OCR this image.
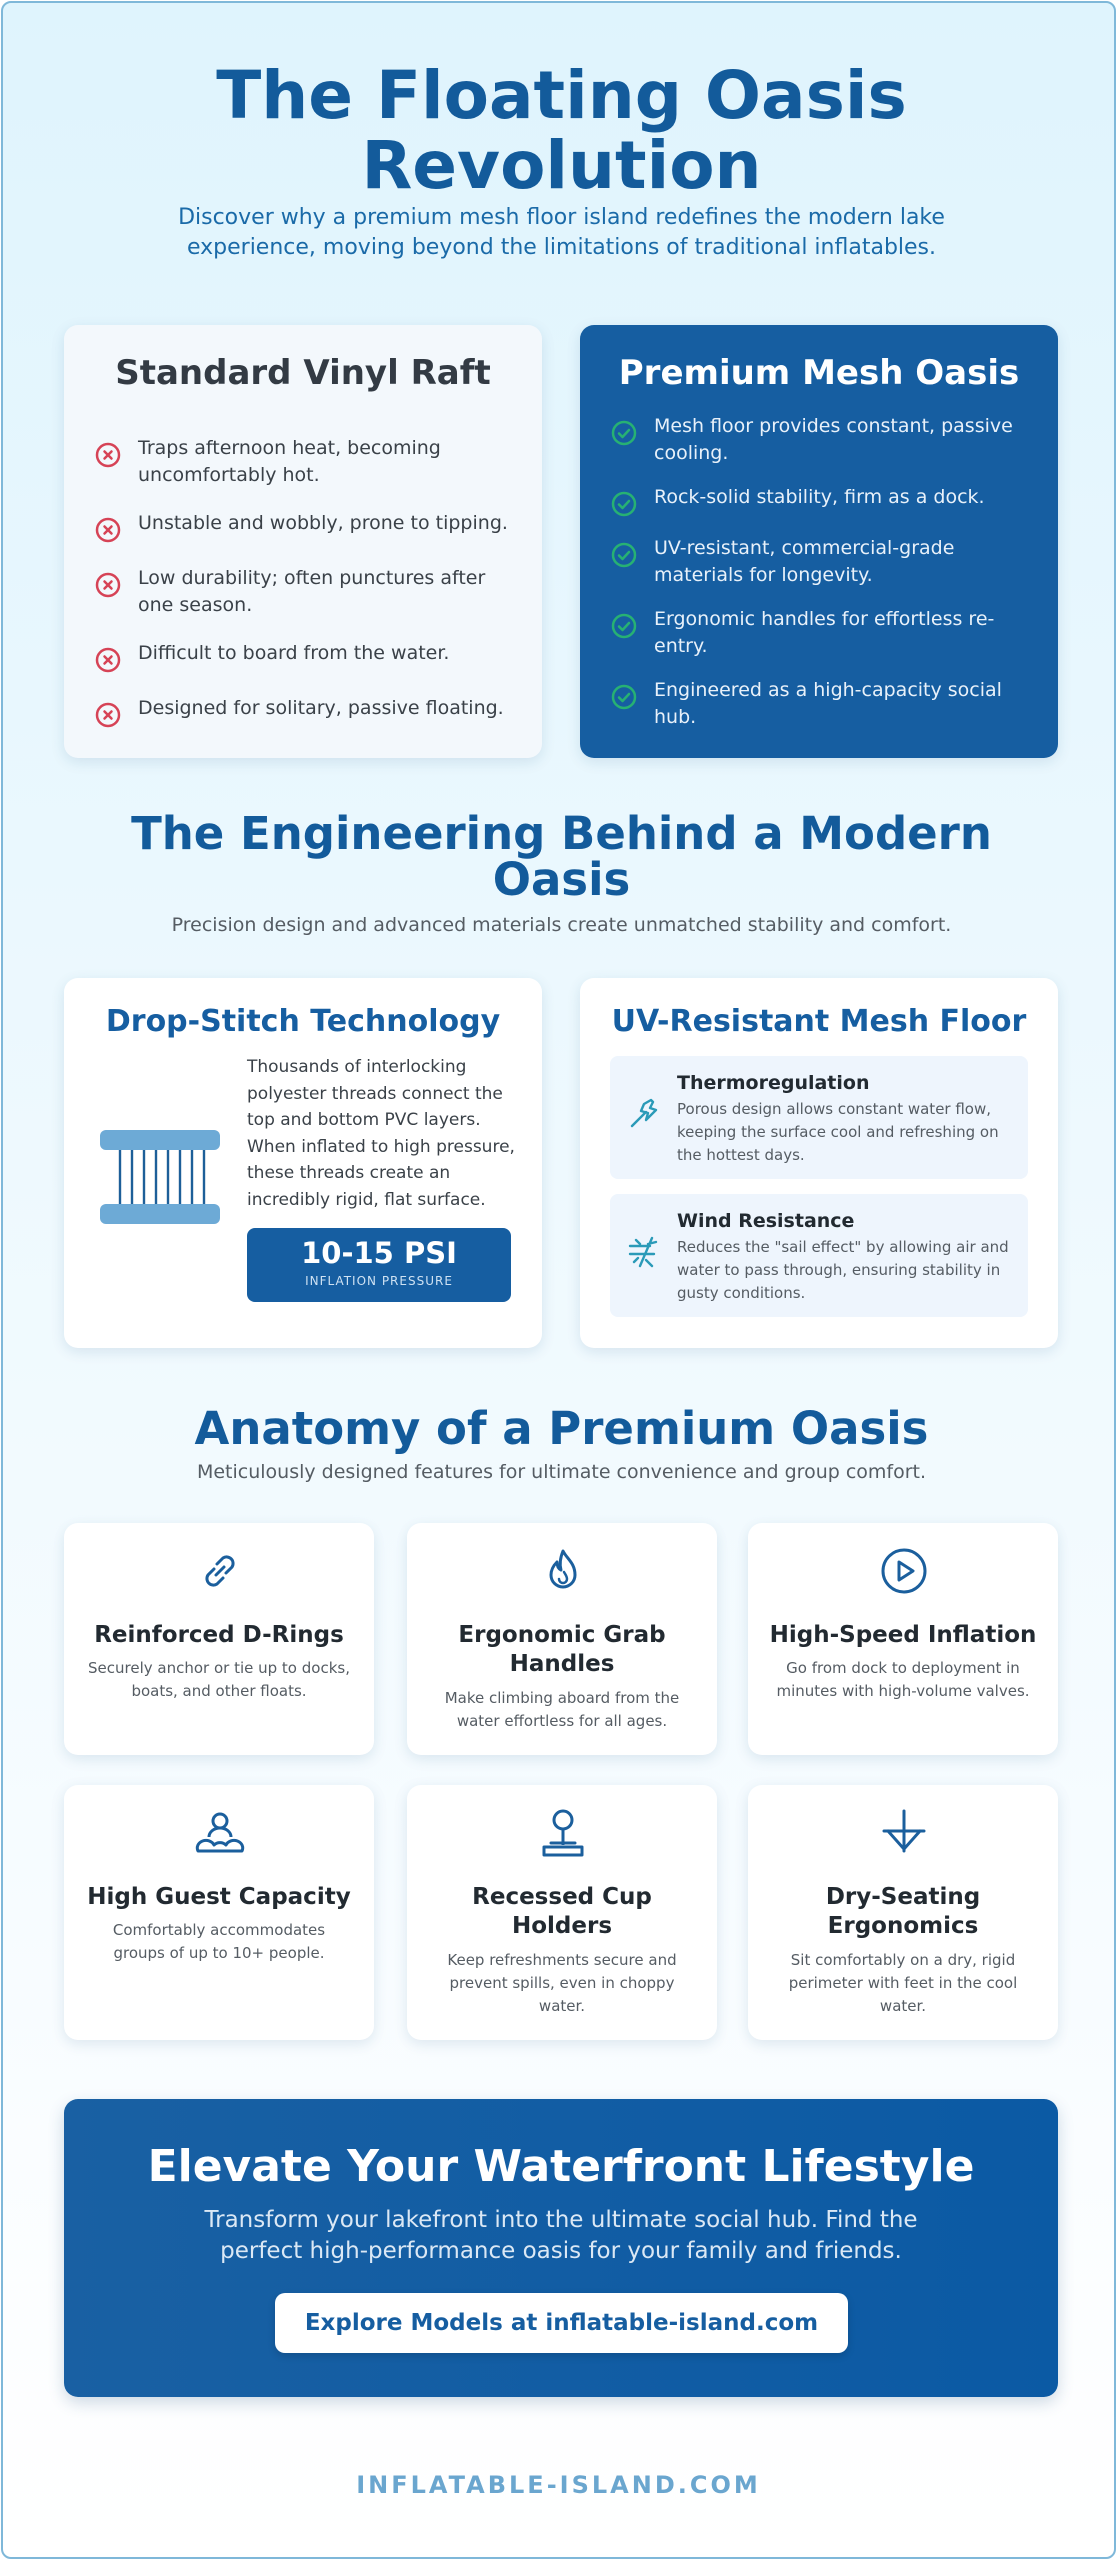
The Floating Oasis Revolution

Discover why a premium mesh floor island redefines the modern lake experience, moving beyond the limitations of traditional inflatables.

Standard Vinyl Raft
Traps afternoon heat, becoming uncomfortably hot.
Unstable and wobbly, prone to tipping.
Low durability; often punctures after one season.
Difficult to board from the water.
Designed for solitary, passive floating.
Premium Mesh Oasis
Mesh floor provides constant, passive cooling.
Rock-solid stability, firm as a dock.
UV-resistant, commercial-grade materials for longevity.
Ergonomic handles for effortless re-entry.
Engineered as a high-capacity social hub.
The Engineering Behind a Modern Oasis

Precision design and advanced materials create unmatched stability and comfort.

Drop-Stitch Technology

Thousands of interlocking polyester threads connect the top and bottom PVC layers. When inflated to high pressure, these threads create an incredibly rigid, flat surface.

10-15 PSI
INFLATION PRESSURE
UV-Resistant Mesh Floor
Thermoregulation

Porous design allows constant water flow, keeping the surface cool and refreshing on the hottest days.

Wind Resistance

Reduces the "sail effect" by allowing air and water to pass through, ensuring stability in gusty conditions.

Anatomy of a Premium Oasis

Meticulously designed features for ultimate convenience and group comfort.

Reinforced D-Rings

Securely anchor or tie up to docks, boats, and other floats.

Ergonomic Grab Handles

Make climbing aboard from the water effortless for all ages.

High-Speed Inflation

Go from dock to deployment in minutes with high-volume valves.

High Guest Capacity

Comfortably accommodates groups of up to 10+ people.

Recessed Cup Holders

Keep refreshments secure and prevent spills, even in choppy water.

Dry-Seating Ergonomics

Sit comfortably on a dry, rigid perimeter with feet in the cool water.

Elevate Your Waterfront Lifestyle

Transform your lakefront into the ultimate social hub. Find the perfect high-performance oasis for your family and friends.

Explore Models at inflatable-island.com
INFLATABLE-ISLAND.COM
